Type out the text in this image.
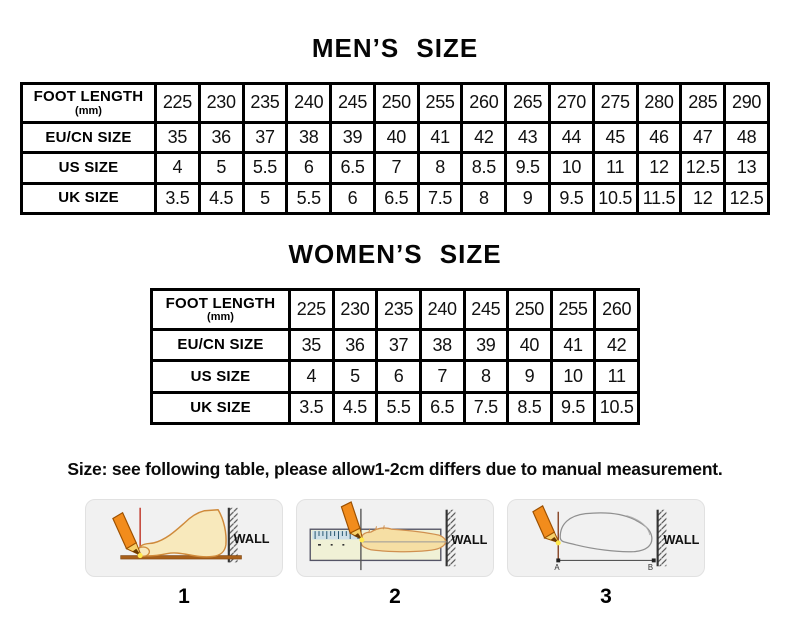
MEN’S SIZE
FOOT LENGTH
(mm)	225	230	235	240	245	250	255	260	265	270	275	280	285	290

EU/CN SIZE	35	36	37	38	39	40	41	42	43	44	45	46	47	48

US SIZE	4	5	5.5	6	6.5	7	8	8.5	9.5	10	11	12	12.5	13

UK SIZE	3.5	4.5	5	5.5	6	6.5	7.5	8	9	9.5	10.5	11.5	12	12.5
WOMEN’S SIZE
FOOT LENGTH
(mm)	225	230	235	240	245	250	255	260

EU/CN SIZE	35	36	37	38	39	40	41	42

US SIZE	4	5	6	7	8	9	10	11

UK SIZE	3.5	4.5	5.5	6.5	7.5	8.5	9.5	10.5
Size: see following table, please allow1-2cm differs due to manual measurement.
WALL	WALL
A	B
WALL
1	2	3
